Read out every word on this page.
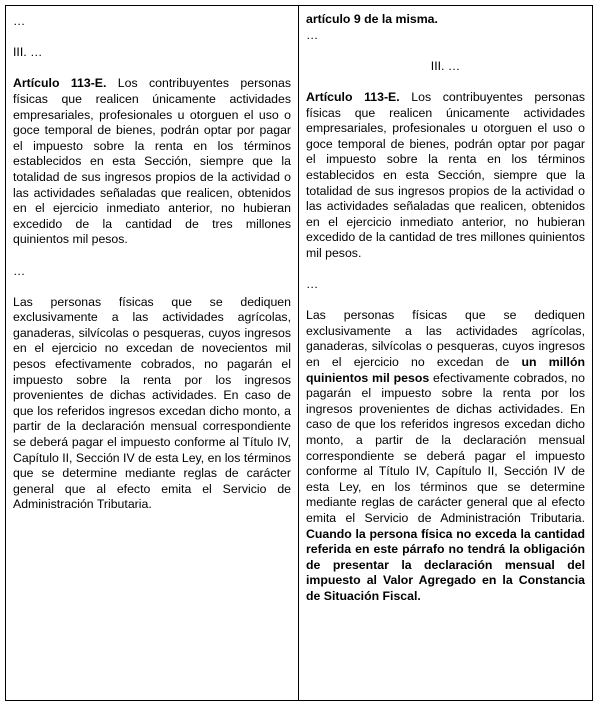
…

III. …

Artículo 113-E. Los contribuyentes personas físicas que realicen únicamente actividades empresariales, profesionales u otorguen el uso o goce temporal de bienes, podrán optar por pagar el impuesto sobre la renta en los términos establecidos en esta Sección, siempre que la totalidad de sus ingresos propios de la actividad o las actividades señaladas que realicen, obtenidos en el ejercicio inmediato anterior, no hubieran excedido de la cantidad de tres millones quinientos mil pesos.

…

Las personas físicas que se dediquen exclusivamente a las actividades agrícolas, ganaderas, silvícolas o pesqueras, cuyos ingresos en el ejercicio no excedan de novecientos mil pesos efectivamente cobrados, no pagarán el impuesto sobre la renta por los ingresos provenientes de dichas actividades. En caso de que los referidos ingresos excedan dicho monto, a partir de la declaración mensual correspondiente se deberá pagar el impuesto conforme al Título IV, Capítulo II, Sección IV de esta Ley, en los términos que se determine mediante reglas de carácter general que al efecto emita el Servicio de Administración Tributaria.

artículo 9 de la misma.

…

III. …

Artículo 113-E. Los contribuyentes personas físicas que realicen únicamente actividades empresariales, profesionales u otorguen el uso o goce temporal de bienes, podrán optar por pagar el impuesto sobre la renta en los términos establecidos en esta Sección, siempre que la totalidad de sus ingresos propios de la actividad o las actividades señaladas que realicen, obtenidos en el ejercicio inmediato anterior, no hubieran excedido de la cantidad de tres millones quinientos mil pesos.

…

Las personas físicas que se dediquen exclusivamente a las actividades agrícolas, ganaderas, silvícolas o pesqueras, cuyos ingresos en el ejercicio no excedan de un millón quinientos mil pesos efectivamente cobrados, no pagarán el impuesto sobre la renta por los ingresos provenientes de dichas actividades. En caso de que los referidos ingresos excedan dicho monto, a partir de la declaración mensual correspondiente se deberá pagar el impuesto conforme al Título IV, Capítulo II, Sección IV de esta Ley, en los términos que se determine mediante reglas de carácter general que al efecto emita el Servicio de Administración Tributaria. Cuando la persona física no exceda la cantidad referida en este párrafo no tendrá la obligación de presentar la declaración mensual del impuesto al Valor Agregado en la Constancia de Situación Fiscal.
